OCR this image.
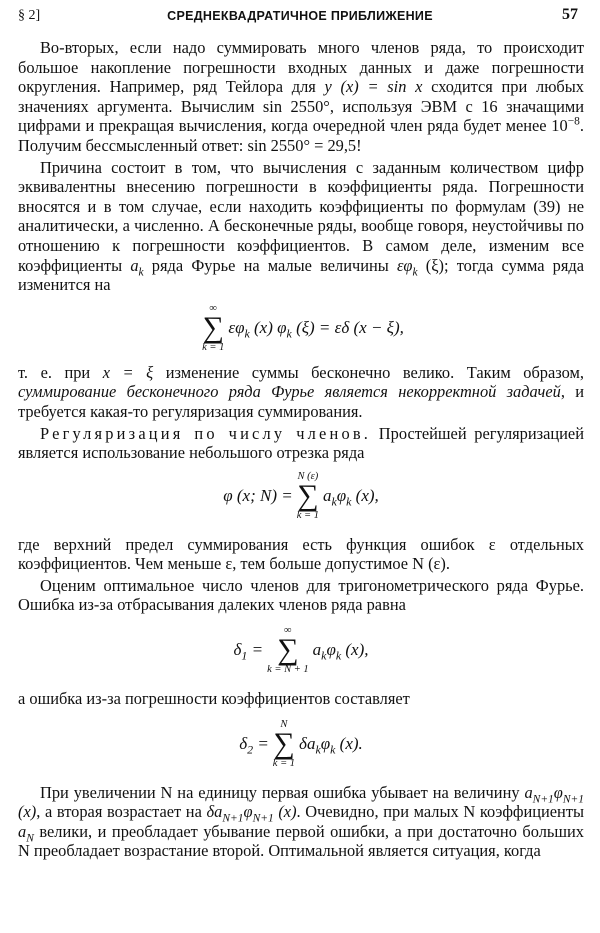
§ 2]	СРЕДНЕКВАДРАТИЧНОЕ ПРИБЛИЖЕНИЕ	57

Во-вторых, если надо суммировать много членов ряда, то происходит большое накопление погрешности входных данных и даже погрешности округления. Например, ряд Тейлора для y (x) = sin x сходится при любых значениях аргумента. Вычислим sin 2550°, используя ЭВМ с 16 значащими цифрами и прекращая вычисления, когда очередной член ряда будет менее $10^{-8}$. Получим бессмысленный ответ: sin 2550° = 29,5!

Причина состоит в том, что вычисления с заданным количеством цифр эквивалентны внесению погрешности в коэффициенты ряда. Погрешности вносятся и в том случае, если находить коэффициенты по формулам (39) не аналитически, а численно. А бесконечные ряды, вообще говоря, неустойчивы по отношению к погрешности коэффициентов. В самом деле, изменим все коэффициенты $a_k$ ряда Фурье на малые величины $\varepsilon\varphi_k$ (ξ); тогда сумма ряда изменится на

∞
∑
k = 1
$\varepsilon\varphi_k$ (x) $\varphi_k$ (ξ) = εδ (x − ξ),

т. е. при x = ξ изменение суммы бесконечно велико. Таким образом, суммирование бесконечного ряда Фурье является некорректной задачей, и требуется какая-то регуляризация суммирования.

Регуляризация по числу членов. Простейшей регуляризацией является использование небольшого отрезка ряда

φ (x; N) =
N (ε)
∑
k = 1
$a_k\varphi_k$ (x),

где верхний предел суммирования есть функция ошибок ε отдельных коэффициентов. Чем меньше ε, тем больше допустимое N (ε).

Оценим оптимальное число членов для тригонометрического ряда Фурье. Ошибка из-за отбрасывания далеких членов ряда равна

$\delta_1$ =
∞
∑
k = N + 1
$a_k\varphi_k$ (x),

а ошибка из-за погрешности коэффициентов составляет

$\delta_2$ =
N
∑
k = 1
$\delta a_k\varphi_k$ (x).

При увеличении N на единицу первая ошибка убывает на величину $a_{N+1}\varphi_{N+1}$ (x), а вторая возрастает на $\delta a_{N+1}\varphi_{N+1}$ (x). Очевидно, при малых N коэффициенты $a_N$ велики, и преобладает убывание первой ошибки, а при достаточно больших N преобладает возрастание второй. Оптимальной является ситуация, когда
